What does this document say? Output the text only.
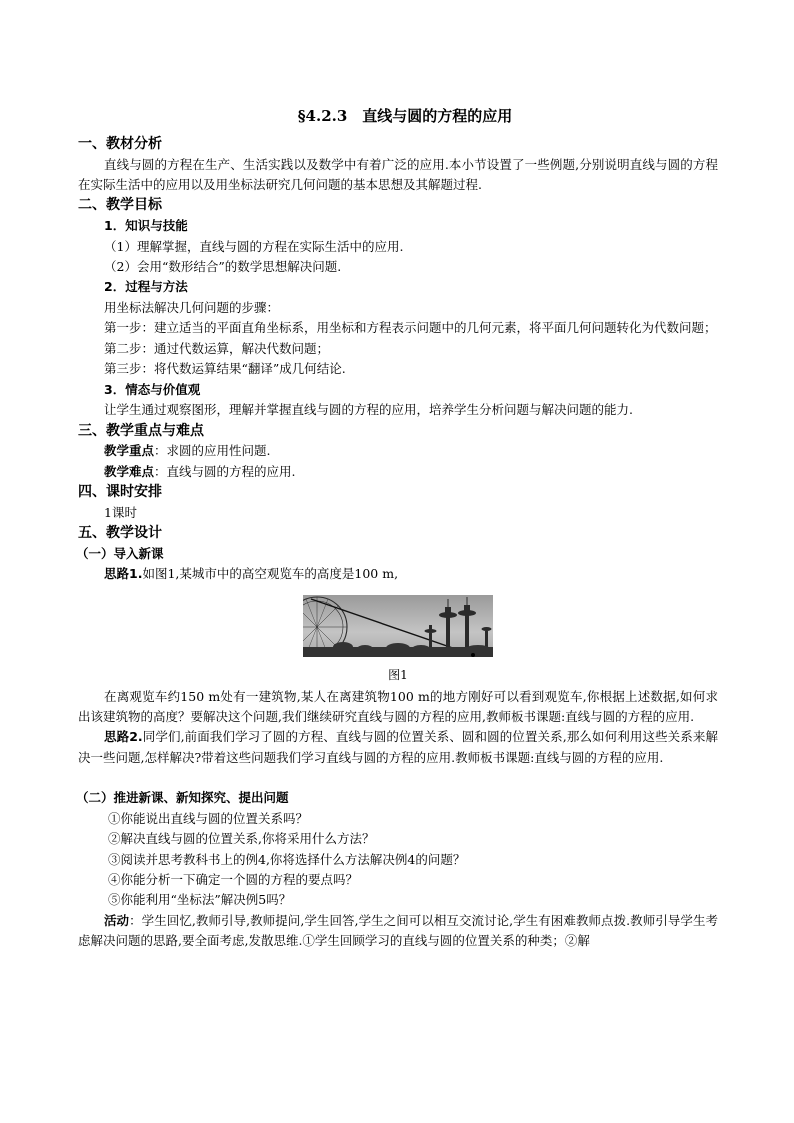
§4.2.3　直线与圆的方程的应用
一、教材分析
直线与圆的方程在生产、生活实践以及数学中有着广泛的应用.本小节设置了一些例题,分别说明直线与圆的方程在实际生活中的应用以及用坐标法研究几何问题的基本思想及其解题过程.
二、教学目标
1．知识与技能
（1）理解掌握，直线与圆的方程在实际生活中的应用.
（2）会用“数形结合”的数学思想解决问题.
2．过程与方法
用坐标法解决几何问题的步骤：
第一步：建立适当的平面直角坐标系，用坐标和方程表示问题中的几何元素，将平面几何问题转化为代数问题；
第二步：通过代数运算，解决代数问题；
第三步：将代数运算结果“翻译”成几何结论.
3．情态与价值观
让学生通过观察图形，理解并掌握直线与圆的方程的应用，培养学生分析问题与解决问题的能力.
三、教学重点与难点
教学重点：求圆的应用性问题.
教学难点：直线与圆的方程的应用.
四、课时安排
1课时
五、教学设计
（一）导入新课
思路1.如图1,某城市中的高空观览车的高度是100 m,
图1
在离观览车约150 m处有一建筑物,某人在离建筑物100 m的地方刚好可以看到观览车,你根据上述数据,如何求出该建筑物的高度？要解决这个问题,我们继续研究直线与圆的方程的应用,教师板书课题:直线与圆的方程的应用.
思路2.同学们,前面我们学习了圆的方程、直线与圆的位置关系、圆和圆的位置关系,那么如何利用这些关系来解决一些问题,怎样解决?带着这些问题我们学习直线与圆的方程的应用.教师板书课题:直线与圆的方程的应用.
（二）推进新课、新知探究、提出问题
①你能说出直线与圆的位置关系吗？
②解决直线与圆的位置关系,你将采用什么方法？
③阅读并思考教科书上的例4,你将选择什么方法解决例4的问题？
④你能分析一下确定一个圆的方程的要点吗？
⑤你能利用“坐标法”解决例5吗？
活动：学生回忆,教师引导,教师提问,学生回答,学生之间可以相互交流讨论,学生有困难教师点拨.教师引导学生考虑解决问题的思路,要全面考虑,发散思维.①学生回顾学习的直线与圆的位置关系的种类；②解
